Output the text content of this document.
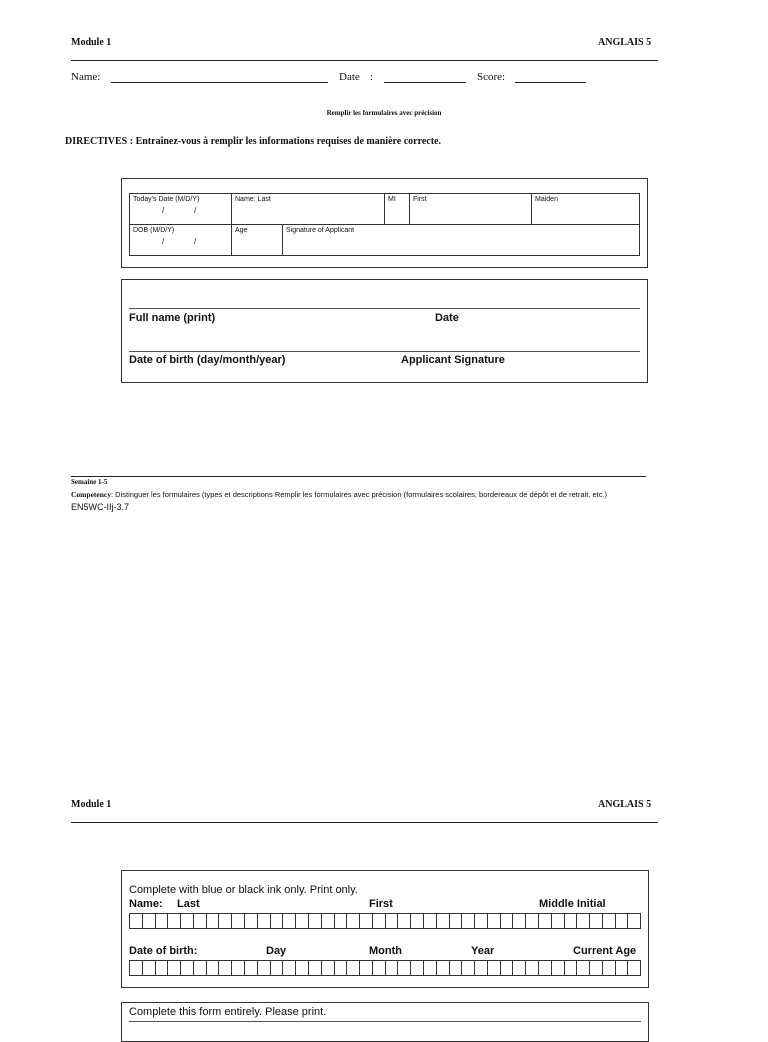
Module 1	ANGLAIS 5
Name:	Date :	Score:
Remplir les formulaires avec précision
DIRECTIVES : Entraînez-vous à remplir les informations requises de manière correcte.
Today's Date (M/D/Y)	Name: Last	MI	First	Maiden
DOB (M/D/Y)	Age	Signature of Applicant
/	/
/	/
Full name (print)	Date
Date of birth (day/month/year)	Applicant Signature
Semaine 1-5
Competency: Distinguer les formulaires (types et descriptions Remplir les formulaires avec précision (formulaires scolaires, bordereaux de dépôt et de retrait, etc.)
EN5WC-IIj-3.7
Module 1	ANGLAIS 5
Complete with blue or black ink only. Print only.
Name: Last	First	Middle Initial
Date of birth:	Day	Month	Year	Current Age
Complete this form entirely. Please print.
